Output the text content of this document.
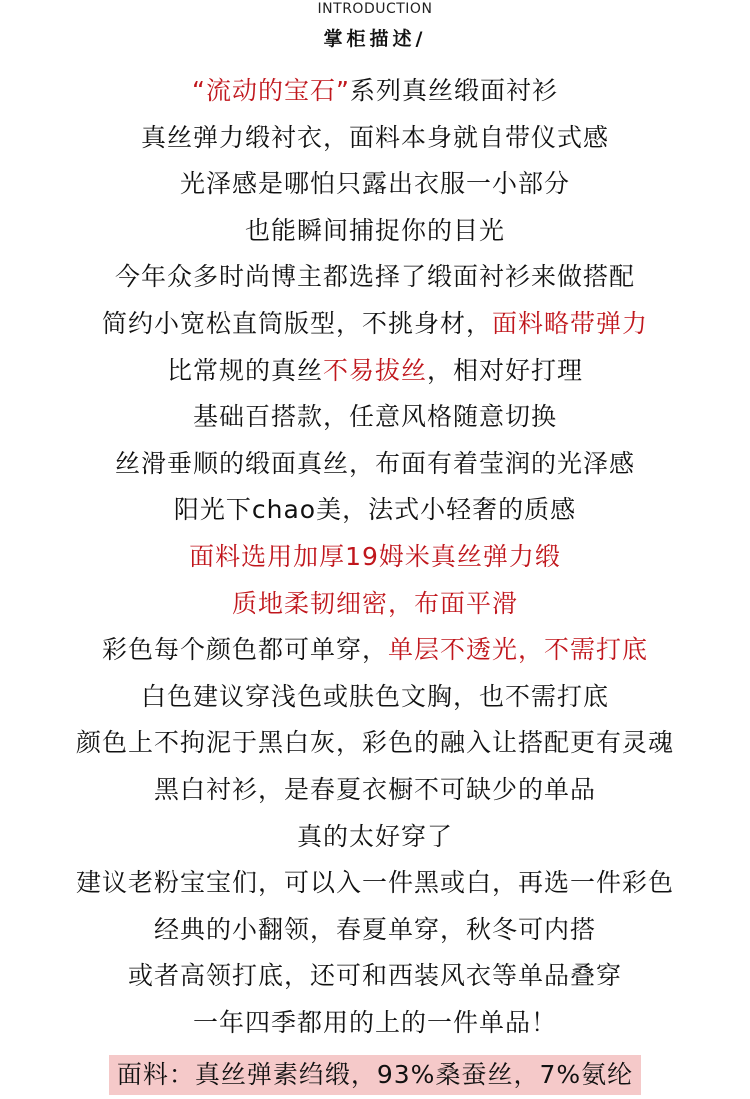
INTRODUCTION
掌柜描述/
“流动的宝石”系列真丝缎面衬衫
真丝弹力缎衬衣，面料本身就自带仪式感
光泽感是哪怕只露出衣服一小部分
也能瞬间捕捉你的目光
今年众多时尚博主都选择了缎面衬衫来做搭配
简约小宽松直筒版型，不挑身材，面料略带弹力
比常规的真丝不易拔丝，相对好打理
基础百搭款，任意风格随意切换
丝滑垂顺的缎面真丝，布面有着莹润的光泽感
阳光下chao美，法式小轻奢的质感
面料选用加厚19姆米真丝弹力缎
质地柔韧细密，布面平滑
彩色每个颜色都可单穿，单层不透光，不需打底
白色建议穿浅色或肤色文胸，也不需打底
颜色上不拘泥于黑白灰，彩色的融入让搭配更有灵魂
黑白衬衫，是春夏衣橱不可缺少的单品
真的太好穿了
建议老粉宝宝们，可以入一件黑或白，再选一件彩色
经典的小翻领，春夏单穿，秋冬可内搭
或者高领打底，还可和西装风衣等单品叠穿
一年四季都用的上的一件单品！
面料：真丝弹素绉缎，93%桑蚕丝，7%氨纶
